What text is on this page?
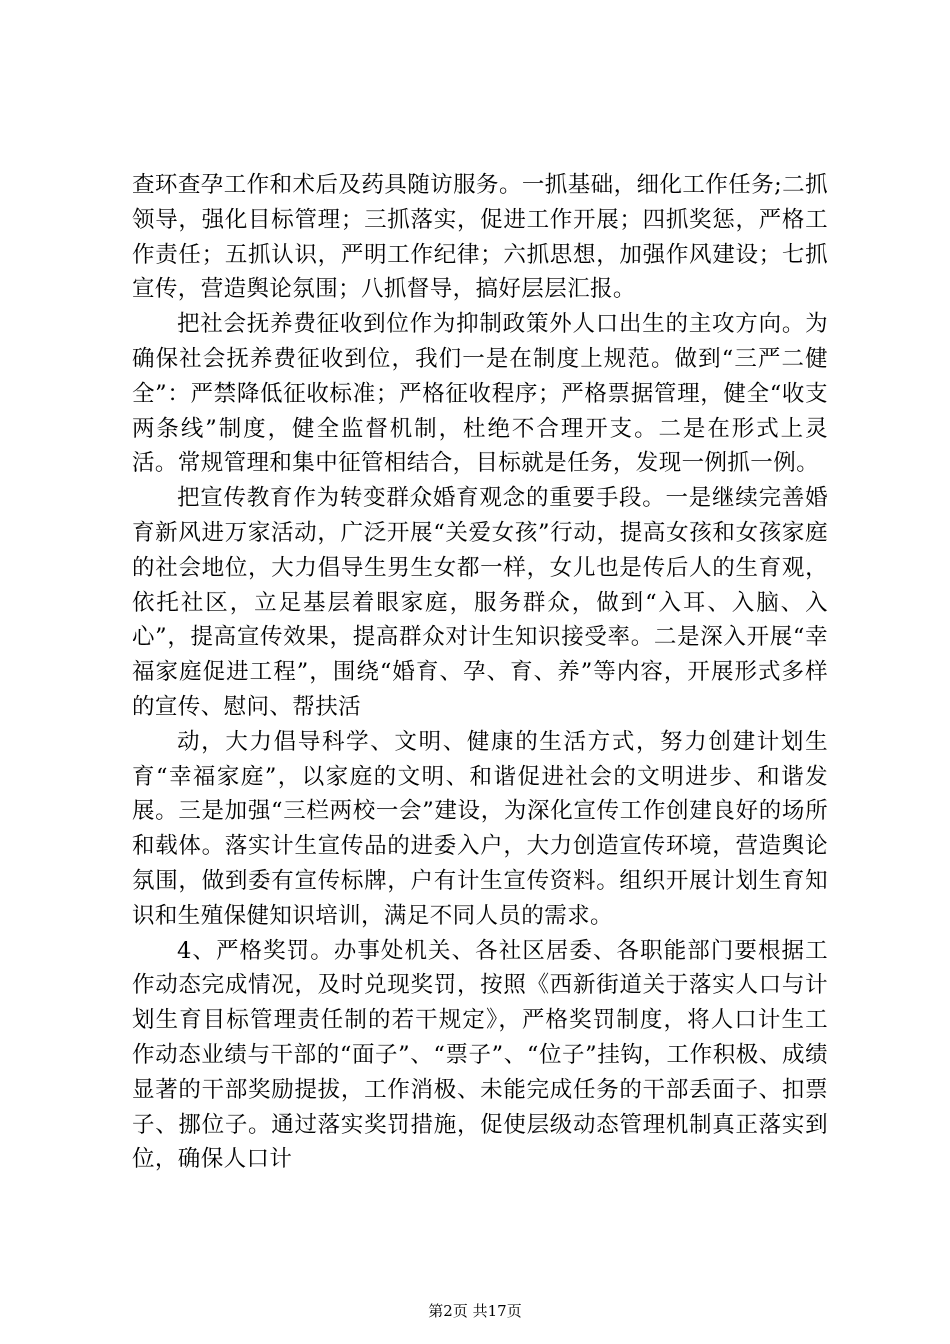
查环查孕工作和术后及药具随访服务。一抓基础，细化工作任务;二抓领导，强化目标管理；三抓落实，促进工作开展；四抓奖惩，严格工作责任；五抓认识，严明工作纪律；六抓思想，加强作风建设；七抓宣传，营造舆论氛围；八抓督导，搞好层层汇报。

把社会抚养费征收到位作为抑制政策外人口出生的主攻方向。为确保社会抚养费征收到位，我们一是在制度上规范。做到“三严二健全”：严禁降低征收标准；严格征收程序；严格票据管理，健全“收支两条线”制度，健全监督机制，杜绝不合理开支。二是在形式上灵活。常规管理和集中征管相结合，目标就是任务，发现一例抓一例。

把宣传教育作为转变群众婚育观念的重要手段。一是继续完善婚育新风进万家活动，广泛开展“关爱女孩”行动，提高女孩和女孩家庭的社会地位，大力倡导生男生女都一样，女儿也是传后人的生育观，依托社区，立足基层着眼家庭，服务群众，做到“入耳、入脑、入心”，提高宣传效果，提高群众对计生知识接受率。二是深入开展“幸福家庭促进工程”，围绕“婚育、孕、育、养”等内容，开展形式多样的宣传、慰问、帮扶活

动，大力倡导科学、文明、健康的生活方式，努力创建计划生育“幸福家庭”，以家庭的文明、和谐促进社会的文明进步、和谐发展。三是加强“三栏两校一会”建设，为深化宣传工作创建良好的场所和载体。落实计生宣传品的进委入户，大力创造宣传环境，营造舆论氛围，做到委有宣传标牌，户有计生宣传资料。组织开展计划生育知识和生殖保健知识培训，满足不同人员的需求。

4、严格奖罚。办事处机关、各社区居委、各职能部门要根据工作动态完成情况，及时兑现奖罚，按照《西新街道关于落实人口与计划生育目标管理责任制的若干规定》，严格奖罚制度，将人口计生工作动态业绩与干部的“面子”、“票子”、“位子”挂钩，工作积极、成绩显著的干部奖励提拔，工作消极、未能完成任务的干部丢面子、扣票子、挪位子。通过落实奖罚措施，促使层级动态管理机制真正落实到位，确保人口计

第2页 共17页
